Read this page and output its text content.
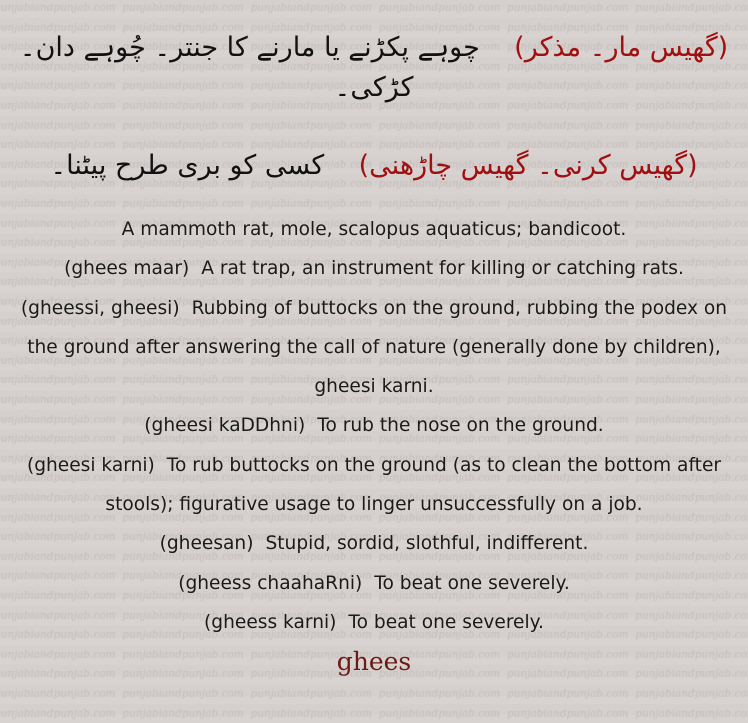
(گھیس مار۔ مذکر)    چوہے پکڑنے یا مارنے کا جنتر۔ چُوہے دان۔ کڑکی۔
(گھیس کرنی۔ گھیس چاڑھنی)    کسی کو بری طرح پیٹنا۔

A mammoth rat, mole, scalopus aquaticus; bandicoot.

(ghees maar) A rat trap, an instrument for killing or catching rats.

(gheessi, gheesi) Rubbing of buttocks on the ground, rubbing the podex on the ground after answering the call of nature (generally done by children), gheesi karni.

(gheesi kaDDhni) To rub the nose on the ground.

(gheesi karni) To rub buttocks on the ground (as to clean the bottom after stools); figurative usage to linger unsuccessfully on a job.

(gheesan) Stupid, sordid, slothful, indifferent.

(gheess chaahaRni) To beat one severely.

(gheess karni) To beat one severely.

ghees
